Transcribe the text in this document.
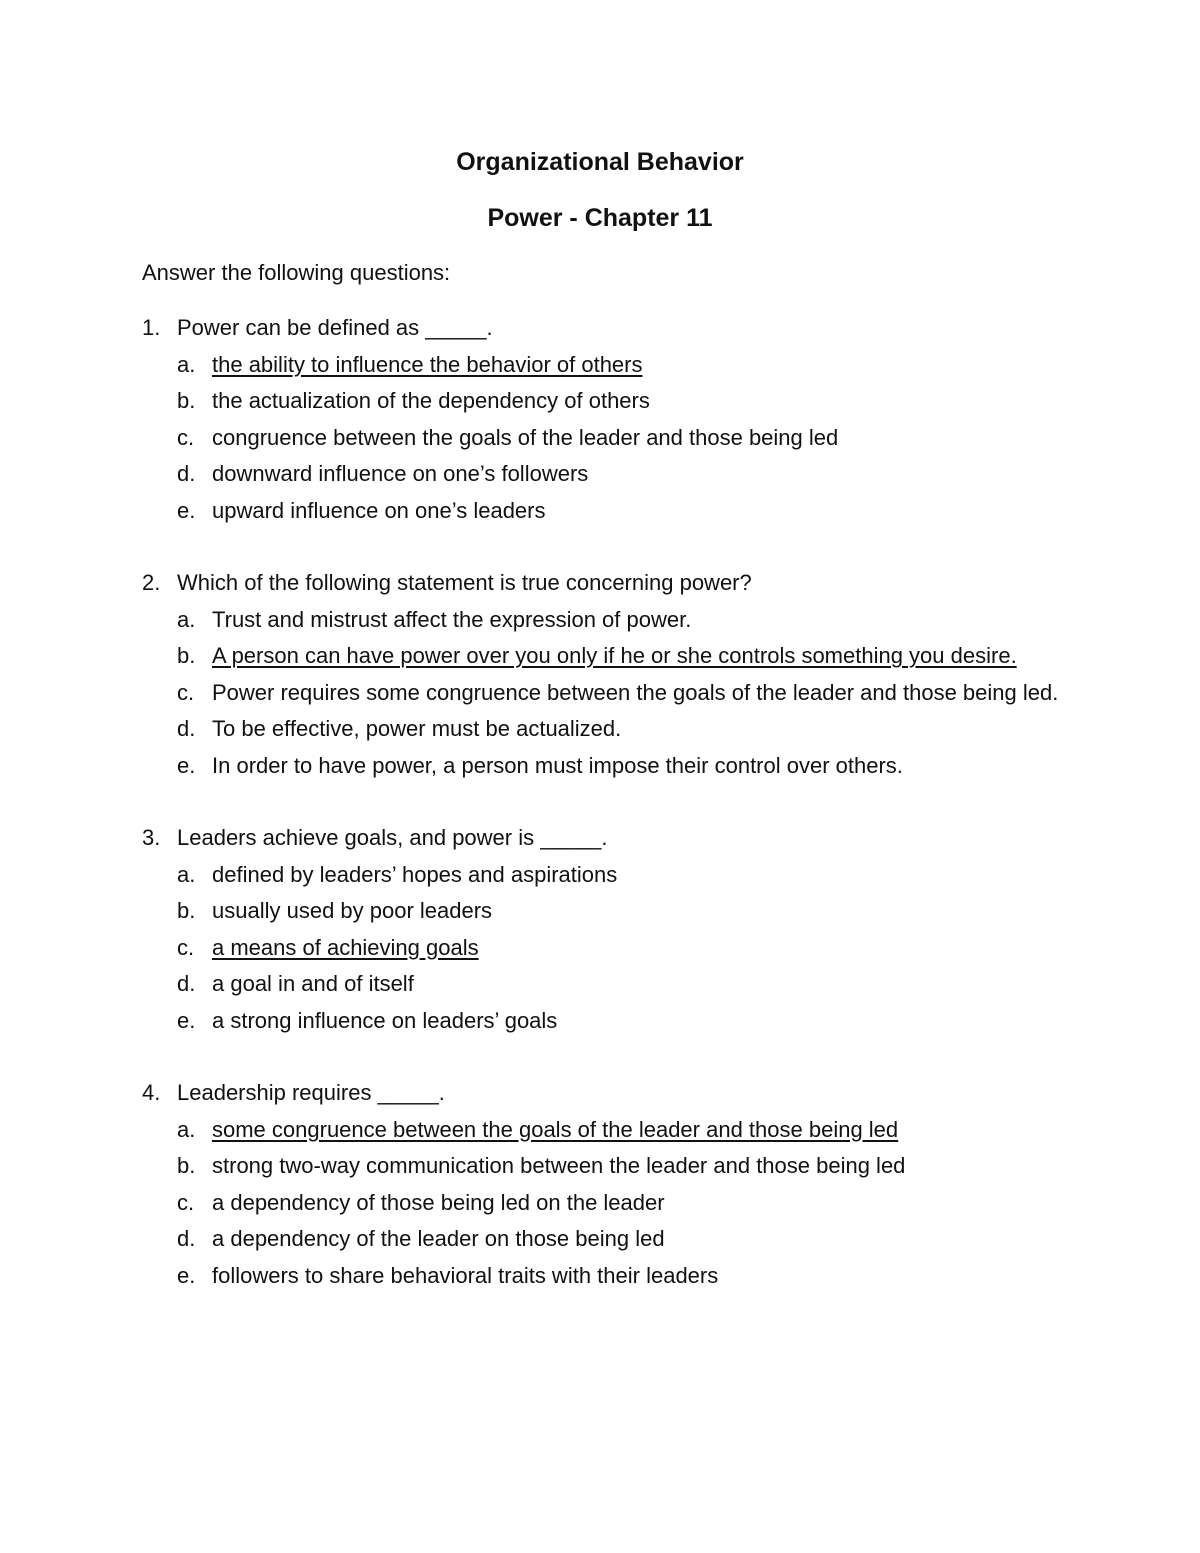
Organizational Behavior
Power - Chapter 11

Answer the following questions:

1. Power can be defined as _____.
a. the ability to influence the behavior of others
b. the actualization of the dependency of others
c. congruence between the goals of the leader and those being led
d. downward influence on one’s followers
e. upward influence on one’s leaders
2. Which of the following statement is true concerning power?
a. Trust and mistrust affect the expression of power.
b. A person can have power over you only if he or she controls something you desire.
c. Power requires some congruence between the goals of the leader and those being led.
d. To be effective, power must be actualized.
e. In order to have power, a person must impose their control over others.
3. Leaders achieve goals, and power is _____.
a. defined by leaders’ hopes and aspirations
b. usually used by poor leaders
c. a means of achieving goals
d. a goal in and of itself
e. a strong influence on leaders’ goals
4. Leadership requires _____.
a. some congruence between the goals of the leader and those being led
b. strong two-way communication between the leader and those being led
c. a dependency of those being led on the leader
d. a dependency of the leader on those being led
e. followers to share behavioral traits with their leaders
